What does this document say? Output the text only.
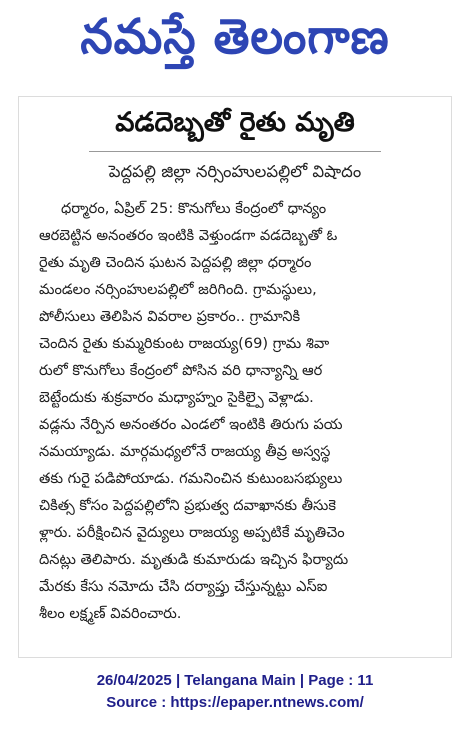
నమస్తే తెలంగాణ
వడదెబ్బతో రైతు మృతి
పెద్దపల్లి జిల్లా నర్సింహులపల్లిలో విషాదం
ధర్మారం, ఏప్రిల్ 25: కొనుగోలు కేంద్రంలో ధాన్యం
ఆరబెట్టిన అనంతరం ఇంటికి వెళ్తుండగా వడదెబ్బతో ఓ
రైతు మృతి చెందిన ఘటన పెద్దపల్లి జిల్లా ధర్మారం
మండలం నర్సింహులపల్లిలో జరిగింది. గ్రామస్థులు,
పోలీసులు తెలిపిన వివరాల ప్రకారం.. గ్రామానికి
చెందిన రైతు కుమ్మరికుంట రాజయ్య(69) గ్రామ శివా
రులో కొనుగోలు కేంద్రంలో పోసిన వరి ధాన్యాన్ని ఆర
బెట్టేందుకు శుక్రవారం మధ్యాహ్నం సైకిల్పై వెళ్లాడు.
వడ్లను నేర్పిన అనంతరం ఎండలో ఇంటికి తిరుగు పయ
నమయ్యాడు. మార్గమధ్యలోనే రాజయ్య తీవ్ర అస్వస్థ
తకు గురై పడిపోయాడు. గమనించిన కుటుంబసభ్యులు
చికిత్స కోసం పెద్దపల్లిలోని ప్రభుత్వ దవాఖానకు తీసుకె
ళ్లారు. పరీక్షించిన వైద్యులు రాజయ్య అప్పటికే మృతిచెం
దినట్లు తెలిపారు. మృతుడి కుమారుడు ఇచ్చిన ఫిర్యాదు
మేరకు కేసు నమోదు చేసి దర్యాప్తు చేస్తున్నట్టు ఎస్ఐ
శీలం లక్ష్మణ్ వివరించారు.
26/04/2025 | Telangana Main | Page : 11
Source : https://epaper.ntnews.com/
